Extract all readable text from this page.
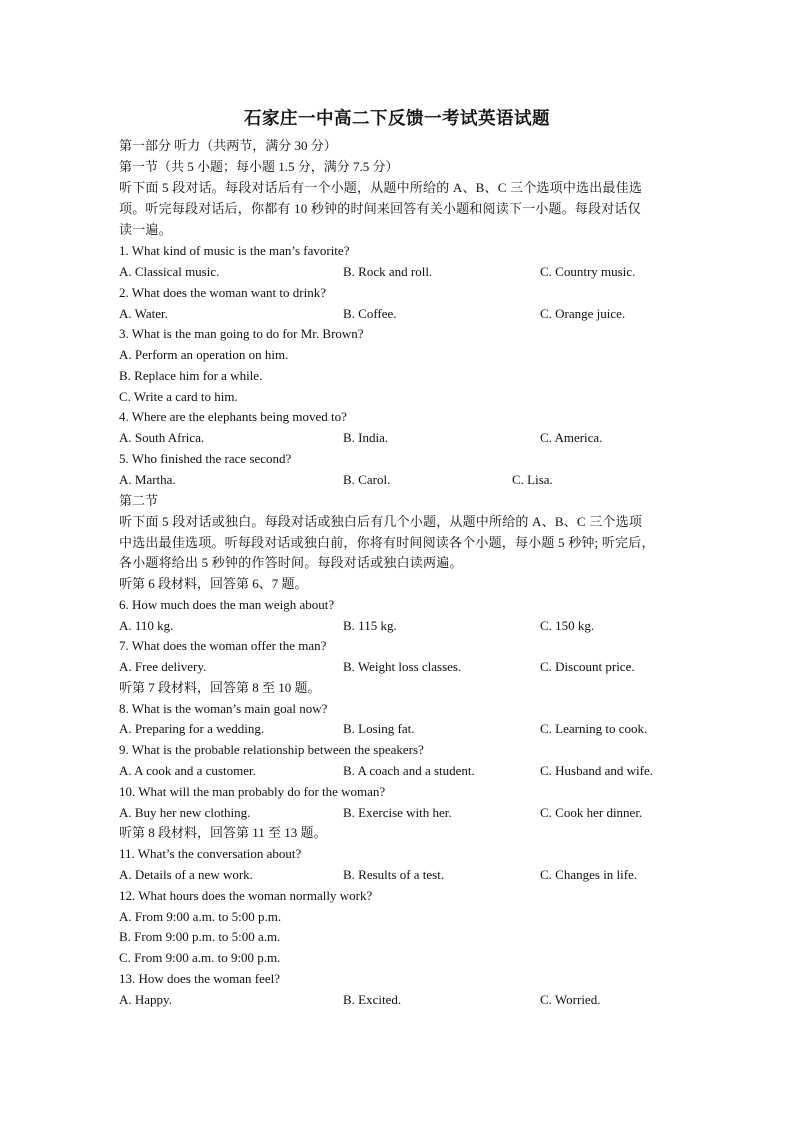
石家庄一中高二下反馈一考试英语试题
第一部分 听力（共两节，满分 30 分）
第一节（共 5 小题；每小题 1.5 分，满分 7.5 分）
听下面 5 段对话。每段对话后有一个小题，从题中所给的 A、B、C 三个选项中选出最佳选
项。听完每段对话后，你都有 10 秒钟的时间来回答有关小题和阅读下一小题。每段对话仅
读一遍。
1. What kind of music is the man’s favorite?
A. Classical music.	B. Rock and roll.	C. Country music.
2. What does the woman want to drink?
A. Water.	B. Coffee.	C. Orange juice.
3. What is the man going to do for Mr. Brown?
A. Perform an operation on him.
B. Replace him for a while.
C. Write a card to him.
4. Where are the elephants being moved to?
A. South Africa.	B. India.	C. America.
5. Who finished the race second?
A. Martha.	B. Carol.	C. Lisa.
第二节
听下面 5 段对话或独白。每段对话或独白后有几个小题，从题中所给的 A、B、C 三个选项
中选出最佳选项。听每段对话或独白前，你将有时间阅读各个小题，每小题 5 秒钟; 听完后，
各小题将给出 5 秒钟的作答时间。每段对话或独白读两遍。
听第 6 段材料，回答第 6、7 题。
6. How much does the man weigh about?
A. 110 kg.	B. 115 kg.	C. 150 kg.
7. What does the woman offer the man?
A. Free delivery.	B. Weight loss classes.	C. Discount price.
听第 7 段材料，回答第 8 至 10 题。
8. What is the woman’s main goal now?
A. Preparing for a wedding.	B. Losing fat.	C. Learning to cook.
9. What is the probable relationship between the speakers?
A. A cook and a customer.	B. A coach and a student.	C. Husband and wife.
10. What will the man probably do for the woman?
A. Buy her new clothing.	B. Exercise with her.	C. Cook her dinner.
听第 8 段材料，回答第 11 至 13 题。
11. What’s the conversation about?
A. Details of a new work.	B. Results of a test.	C. Changes in life.
12. What hours does the woman normally work?
A. From 9:00 a.m. to 5:00 p.m.
B. From 9:00 p.m. to 5:00 a.m.
C. From 9:00 a.m. to 9:00 p.m.
13. How does the woman feel?
A. Happy.	B. Excited.	C. Worried.
